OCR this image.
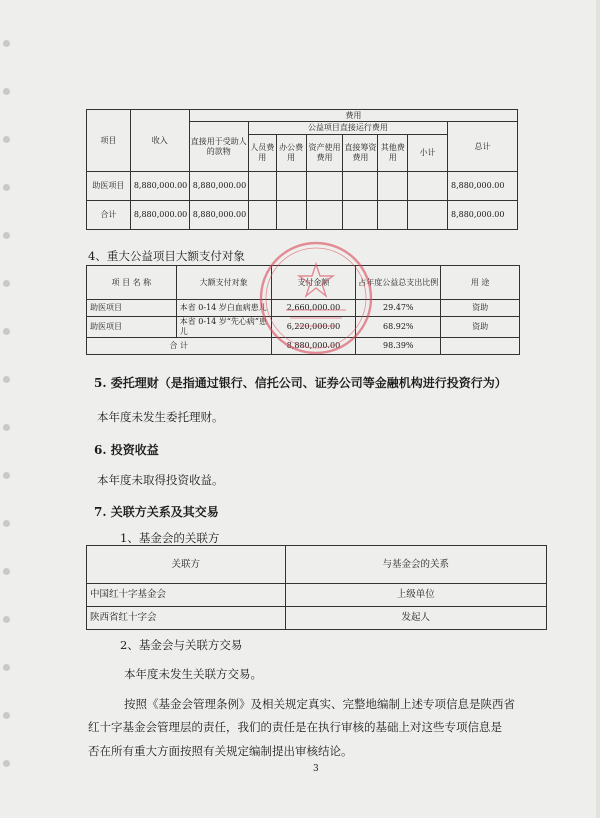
项目	收入	费用							
		直接用于受助人的款物	公益项目直接运行费用						总计
			人员费用	办公费用	资产使用费用	直接筹资费用	其他费用	小计	
助医项目	8,880,000.00	8,880,000.00							8,880,000.00
合计	8,880,000.00	8,880,000.00							8,880,000.00
4、重大公益项目大额支付对象
项 目 名 称	大额支付对象	支付金额	占年度公益总支出比例	用 途
助医项目	本省 0-14 岁白血病患儿	2,660,000.00	29.47%	资助
助医项目	本省 0-14 岁“先心病”患儿	6,220,000.00	68.92%	资助
合 计		8,880,000.00	98.39%	
5. 委托理财（是指通过银行、信托公司、证券公司等金融机构进行投资行为）
本年度未发生委托理财。
6. 投资收益
本年度未取得投资收益。
7. 关联方关系及其交易
1、基金会的关联方
关联方	与基金会的关系
中国红十字基金会	上级单位
陕西省红十字会	发起人
2、基金会与关联方交易
本年度未发生关联方交易。
按照《基金会管理条例》及相关规定真实、完整地编制上述专项信息是陕西省
红十字基金会管理层的责任，我们的责任是在执行审核的基础上对这些专项信息是
否在所有重大方面按照有关规定编制提出审核结论。
3
